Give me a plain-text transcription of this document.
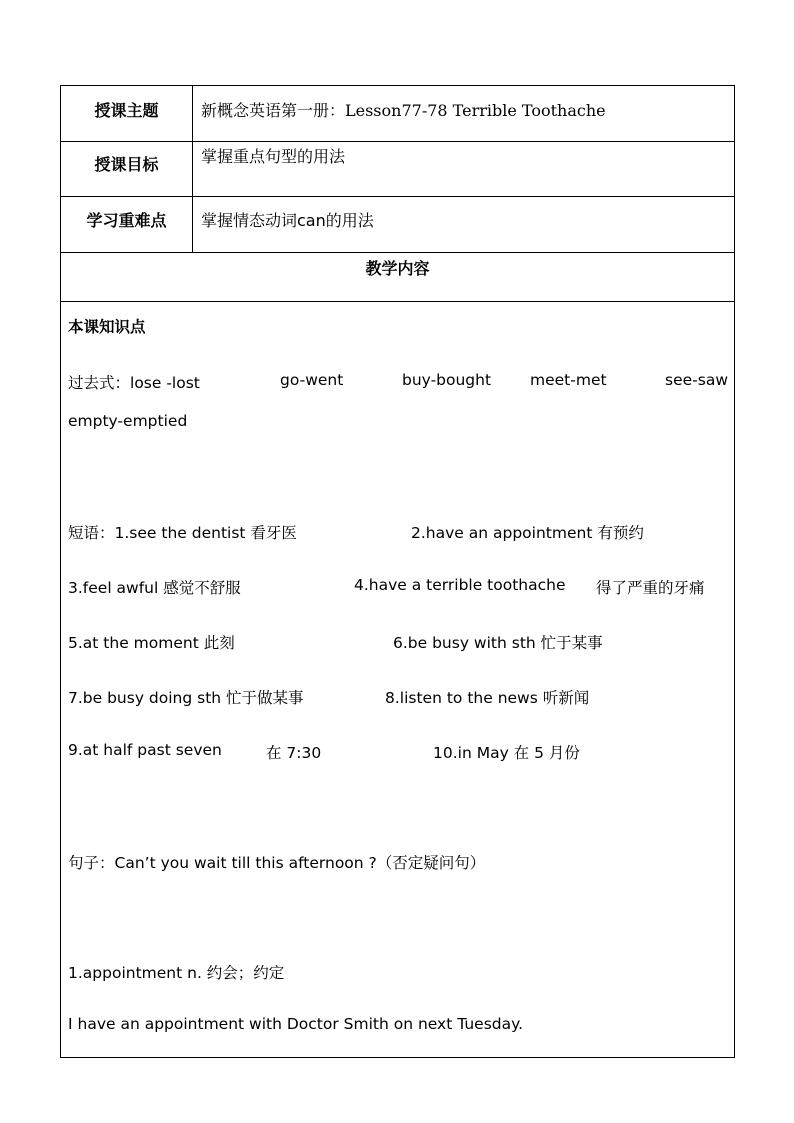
授课主题	新概念英语第一册：Lesson77-78 Terrible Toothache
授课目标	掌握重点句型的用法
学习重难点	掌握情态动词can的用法
教学内容
本课知识点
过去式：lose -lost	go-went	buy-bought	meet-met	see-saw
empty-emptied
短语：1.see the dentist 看牙医	2.have an appointment 有预约
3.feel awful 感觉不舒服	4.have a terrible toothache 得了严重的牙痛
5.at the moment 此刻	6.be busy with sth 忙于某事
7.be busy doing sth 忙于做某事	8.listen to the news 听新闻
9.at half past seven	在 7:30	10.in May 在 5 月份
句子：Can’t you wait till this afternoon ?（否定疑问句）
1.appointment n. 约会；约定
I have an appointment with Doctor Smith on next Tuesday.
